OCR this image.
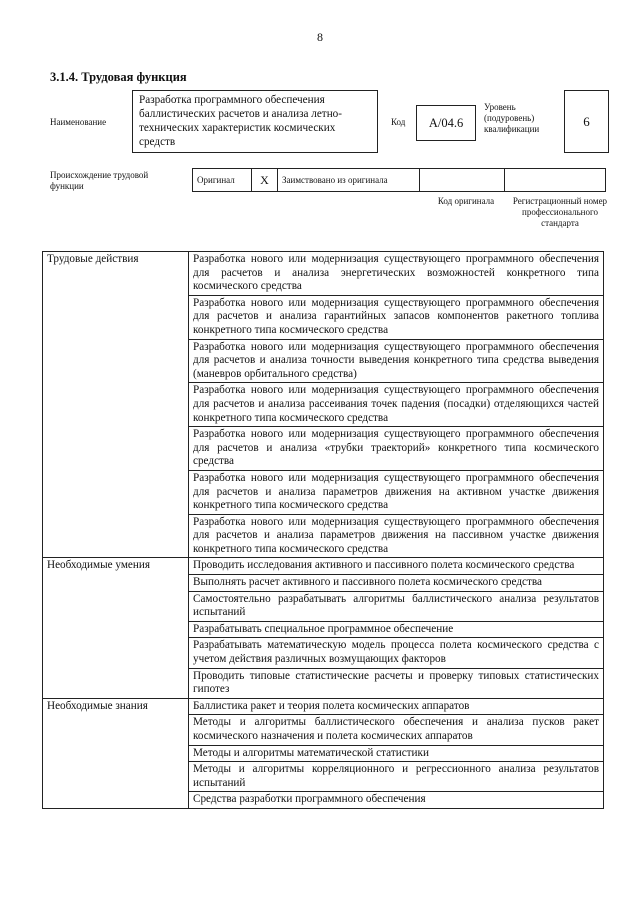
8
3.1.4. Трудовая функция
Наименование
Разработка программного обеспечения баллистических расчетов и анализа летно-технических характеристик космических средств
Код	А/04.6
Уровень (подуровень) квалификации	6
Происхождение трудовой функции
Оригинал	X	Заимствовано из оригинала
Код оригинала	Регистрационный номер профессионального стандарта
Трудовые действия	Разработка нового или модернизация существующего программного обеспечения для расчетов и анализа энергетических возможностей конкретного типа космического средства
	Разработка нового или модернизация существующего программного обеспечения для расчетов и анализа гарантийных запасов компонентов ракетного топлива конкретного типа космического средства
	Разработка нового или модернизация существующего программного обеспечения для расчетов и анализа точности выведения конкретного типа средства выведения (маневров орбитального средства)
	Разработка нового или модернизация существующего программного обеспечения для расчетов и анализа рассеивания точек падения (посадки) отделяющихся частей конкретного типа космического средства
	Разработка нового или модернизация существующего программного обеспечения для расчетов и анализа «трубки траекторий» конкретного типа космического средства
	Разработка нового или модернизация существующего программного обеспечения для расчетов и анализа параметров движения на активном участке движения конкретного типа космического средства
	Разработка нового или модернизация существующего программного обеспечения для расчетов и анализа параметров движения на пассивном участке движения конкретного типа космического средства
Необходимые умения	Проводить исследования активного и пассивного полета космического средства
	Выполнять расчет активного и пассивного полета космического средства
	Самостоятельно разрабатывать алгоритмы баллистического анализа результатов испытаний
	Разрабатывать специальное программное обеспечение
	Разрабатывать математическую модель процесса полета космического средства с учетом действия различных возмущающих факторов
	Проводить типовые статистические расчеты и проверку типовых статистических гипотез
Необходимые знания	Баллистика ракет и теория полета космических аппаратов
	Методы и алгоритмы баллистического обеспечения и анализа пусков ракет космического назначения и полета космических аппаратов
	Методы и алгоритмы математической статистики
	Методы и алгоритмы корреляционного и регрессионного анализа результатов испытаний
	Средства разработки программного обеспечения
